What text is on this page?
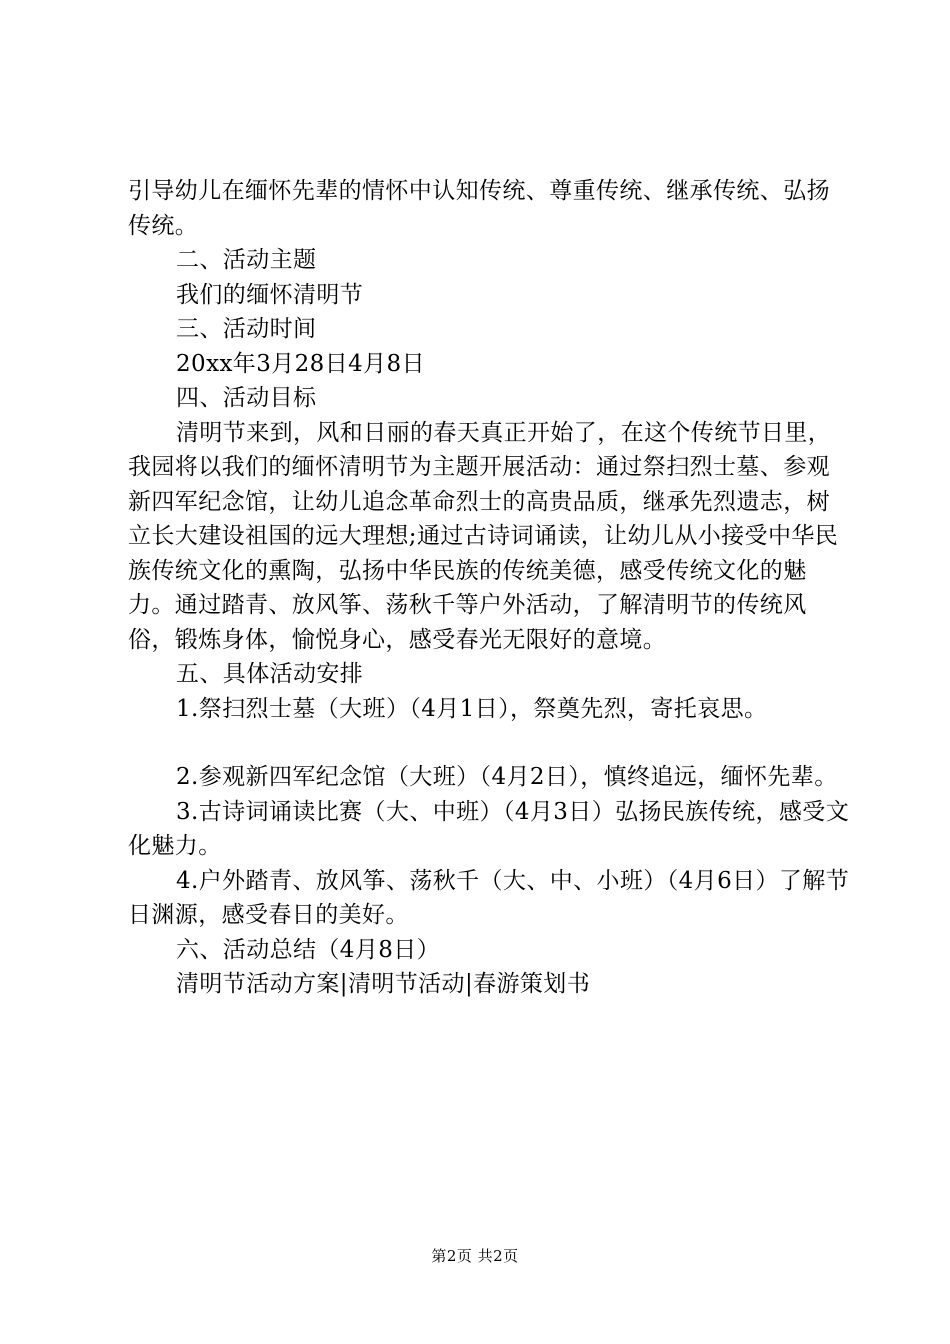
引导幼儿在缅怀先辈的情怀中认知传统、尊重传统、继承传统、弘扬传统。

二、活动主题

我们的缅怀清明节

三、活动时间

20xx年3月28日4月8日

四、活动目标

清明节来到，风和日丽的春天真正开始了，在这个传统节日里，我园将以我们的缅怀清明节为主题开展活动：通过祭扫烈士墓、参观新四军纪念馆，让幼儿追念革命烈士的高贵品质，继承先烈遗志，树立长大建设祖国的远大理想;通过古诗词诵读，让幼儿从小接受中华民族传统文化的熏陶，弘扬中华民族的传统美德，感受传统文化的魅力。通过踏青、放风筝、荡秋千等户外活动，了解清明节的传统风俗，锻炼身体，愉悦身心，感受春光无限好的意境。

五、具体活动安排

1.祭扫烈士墓（大班）（4月1日），祭奠先烈，寄托哀思。

2.参观新四军纪念馆（大班）（4月2日），慎终追远，缅怀先辈。

3.古诗词诵读比赛（大、中班）（4月3日）弘扬民族传统，感受文化魅力。

4.户外踏青、放风筝、荡秋千（大、中、小班）（4月6日）了解节日渊源，感受春日的美好。

六、活动总结（4月8日）

清明节活动方案|清明节活动|春游策划书

第2页 共2页
